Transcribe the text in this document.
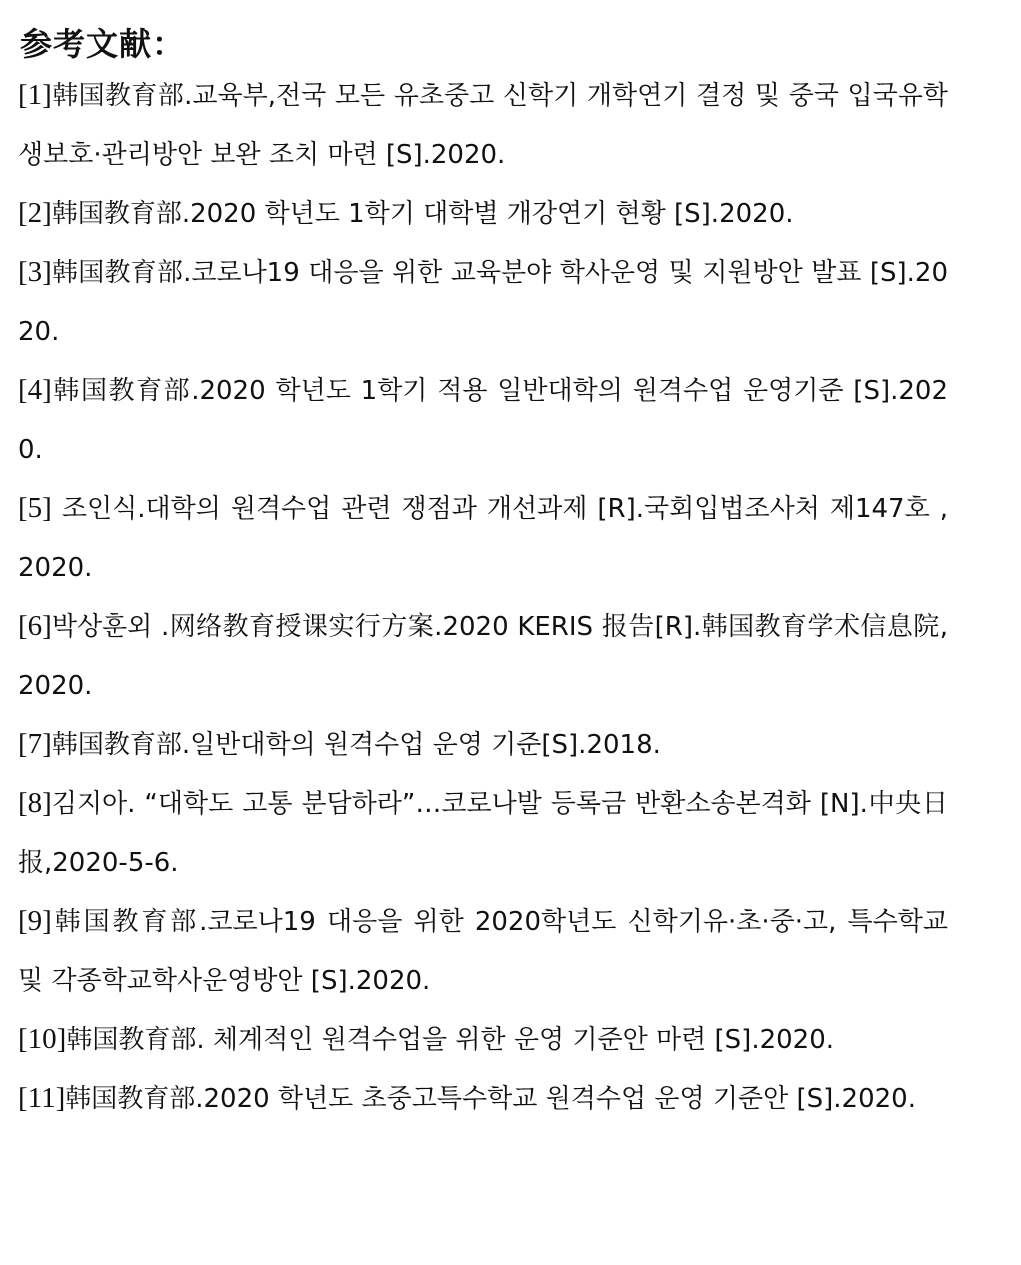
参考文献：
[1]韩国教育部.교육부,전국 모든 유초중고 신학기 개학연기 결정 및 중국 입국유학생보호·관리방안 보완 조치 마련 [S].2020.
[2]韩国教育部.2020 학년도 1학기 대학별 개강연기 현황 [S].2020.
[3]韩国教育部.코로나19 대응을 위한 교육분야 학사운영 및 지원방안 발표 [S].2020.
[4]韩国教育部.2020 학년도 1학기 적용 일반대학의 원격수업 운영기준 [S].2020.
[5] 조인식.대학의 원격수업 관련 쟁점과 개선과제 [R].국회입법조사처 제147호 ,2020.
[6]박상훈외 .网络教育授课实行方案.2020 KERIS 报告[R].韩国教育学术信息院,2020.
[7]韩国教育部.일반대학의 원격수업 운영 기준[S].2018.
[8]김지아. “대학도 고통 분담하라”…코로나발 등록금 반환소송본격화 [N].中央日报,2020-5-6.
[9]韩国教育部.코로나19 대응을 위한 2020학년도 신학기유·초·중·고, 특수학교 및 각종학교학사운영방안 [S].2020.
[10]韩国教育部. 체계적인 원격수업을 위한 운영 기준안 마련 [S].2020.
[11]韩国教育部.2020 학년도 초중고특수학교 원격수업 운영 기준안 [S].2020.
